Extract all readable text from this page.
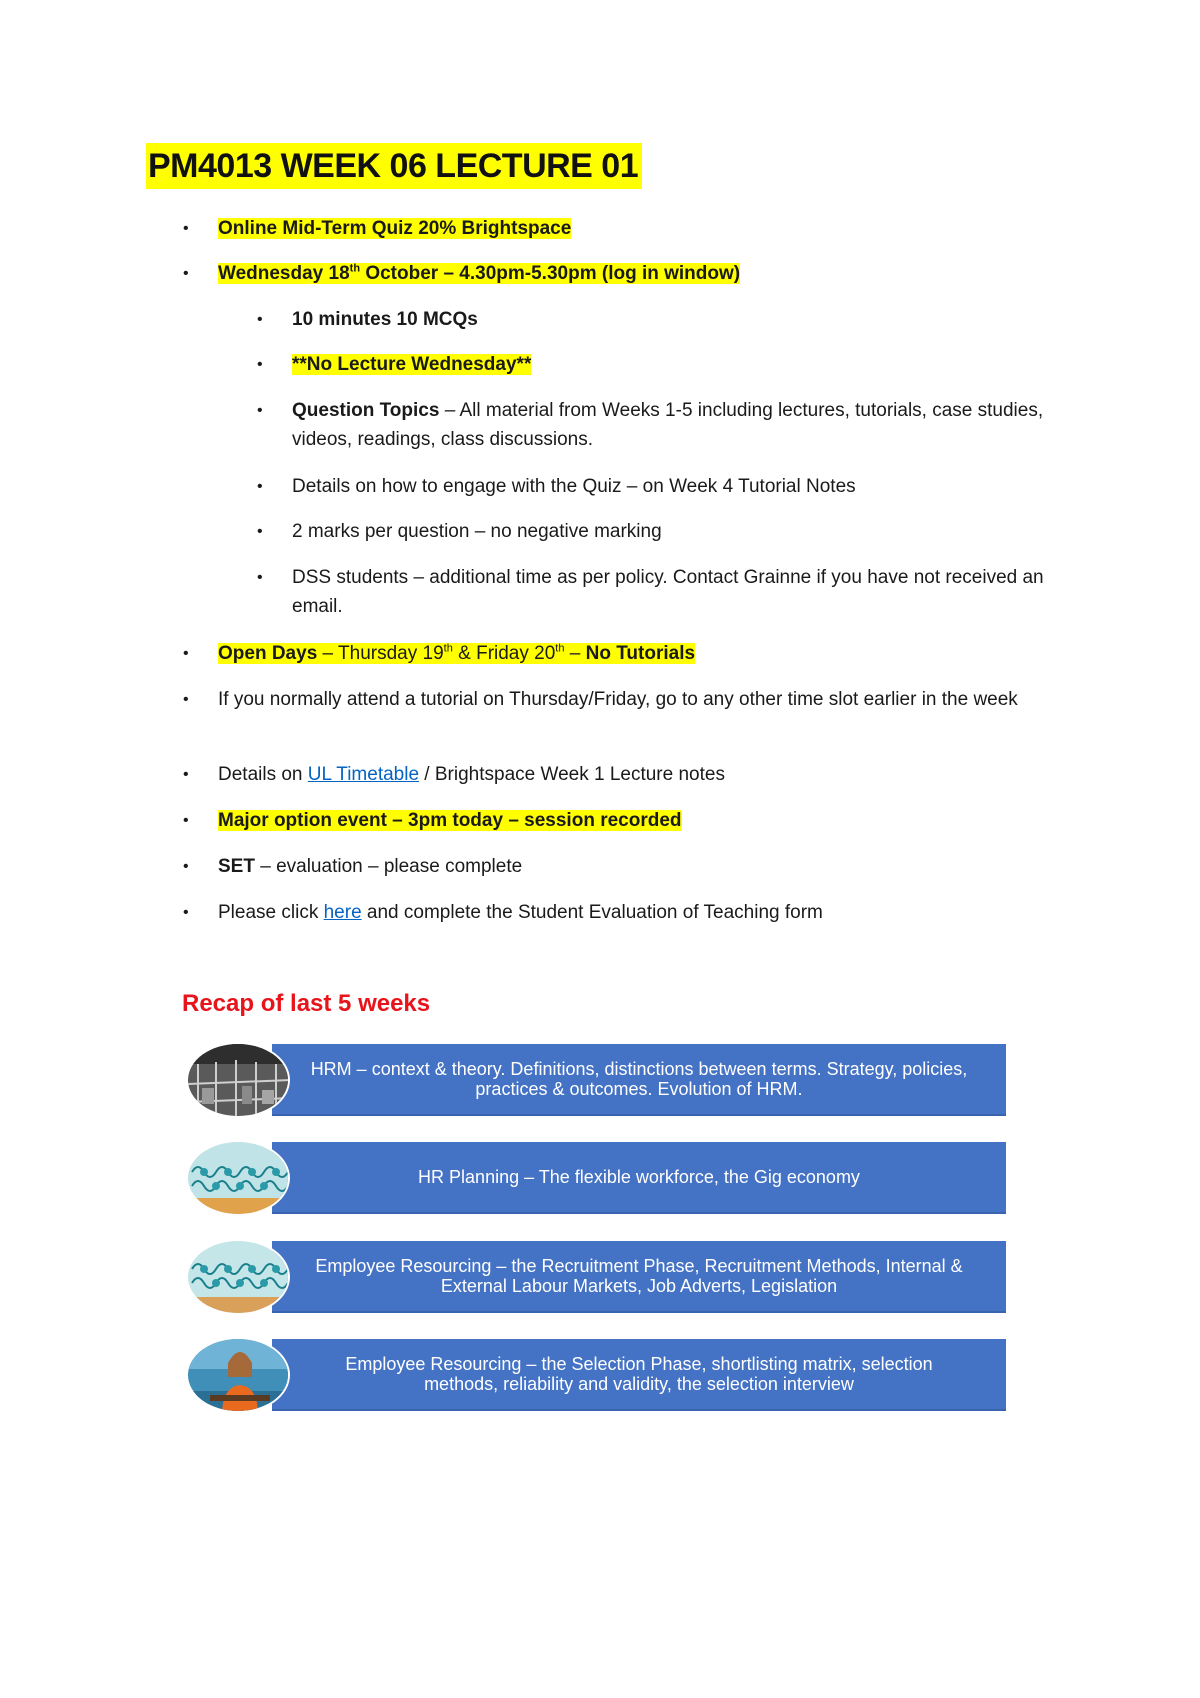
PM4013 WEEK 06 LECTURE 01
• Online Mid-Term Quiz 20% Brightspace
• Wednesday 18th October – 4.30pm-5.30pm (log in window)
• 10 minutes 10 MCQs
• **No Lecture Wednesday**
• Question Topics – All material from Weeks 1-5 including lectures, tutorials, case studies, videos, readings, class discussions.
• Details on how to engage with the Quiz – on Week 4 Tutorial Notes
• 2 marks per question – no negative marking
• DSS students – additional time as per policy. Contact Grainne if you have not received an email.
• Open Days – Thursday 19th & Friday 20th – No Tutorials
• If you normally attend a tutorial on Thursday/Friday, go to any other time slot earlier in the week
• Details on UL Timetable / Brightspace Week 1 Lecture notes
• Major option event – 3pm today – session recorded
• SET – evaluation – please complete
• Please click here and complete the Student Evaluation of Teaching form
Recap of last 5 weeks
HRM – context & theory. Definitions, distinctions between terms. Strategy, policies, practices & outcomes. Evolution of HRM.
HR Planning – The flexible workforce, the Gig economy
Employee Resourcing – the Recruitment Phase, Recruitment Methods, Internal & External Labour Markets, Job Adverts, Legislation
Employee Resourcing – the Selection Phase, shortlisting matrix, selection methods, reliability and validity, the selection interview
